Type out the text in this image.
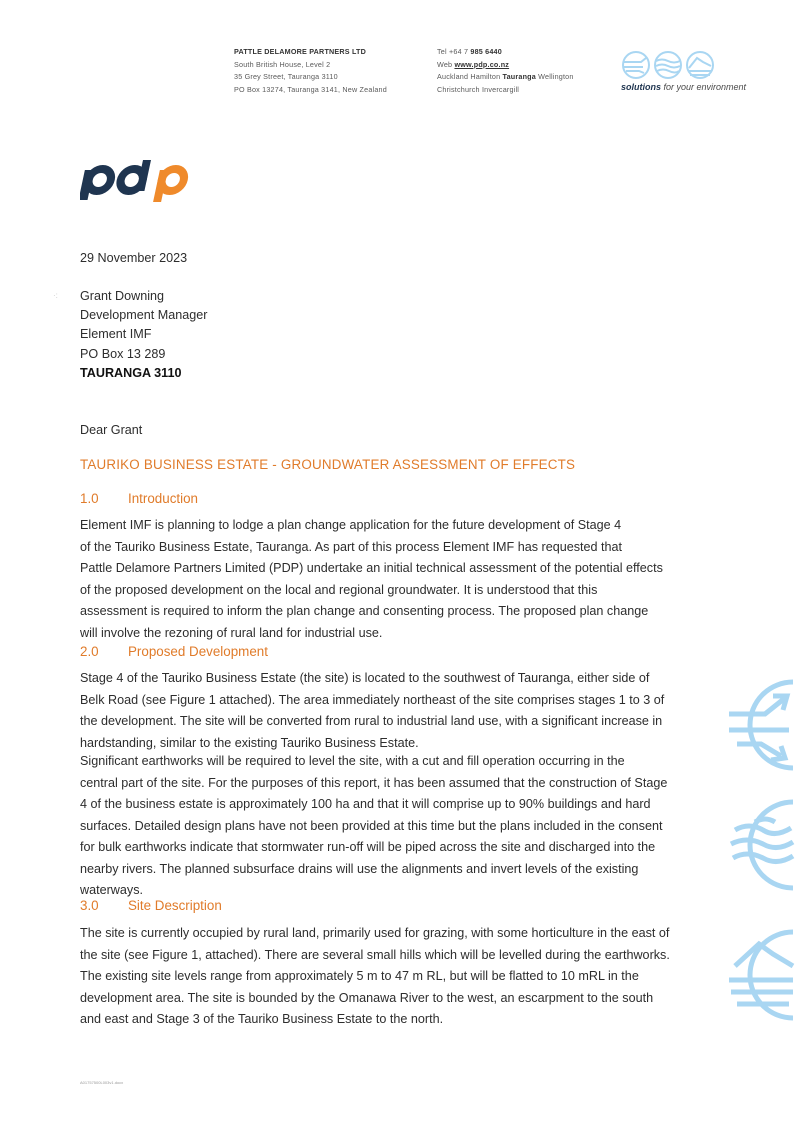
PATTLE DELAMORE PARTNERS LTD
South British House, Level 2
35 Grey Street, Tauranga 3110
PO Box 13274, Tauranga 3141, New Zealand
Tel +64 7 985 6440
Web www.pdp.co.nz
Auckland Hamilton Tauranga Wellington
Christchurch Invercargill	solutions for your environment
29 November 2023
·: Grant Downing
Development Manager
Element IMF
PO Box 13 289
TAURANGA 3110
Dear Grant
TAURIKO BUSINESS ESTATE - GROUNDWATER ASSESSMENT OF EFFECTS
1.0 Introduction
Element IMF is planning to lodge a plan change application for the future development of Stage 4
of the Tauriko Business Estate, Tauranga. As part of this process Element IMF has requested that
Pattle Delamore Partners Limited (PDP) undertake an initial technical assessment of the potential effects
of the proposed development on the local and regional groundwater. It is understood that this
assessment is required to inform the plan change and consenting process. The proposed plan change
will involve the rezoning of rural land for industrial use.
2.0 Proposed Development
Stage 4 of the Tauriko Business Estate (the site) is located to the southwest of Tauranga, either side of
Belk Road (see Figure 1 attached). The area immediately northeast of the site comprises stages 1 to 3 of
the development. The site will be converted from rural to industrial land use, with a significant increase in
hardstanding, similar to the existing Tauriko Business Estate.
Significant earthworks will be required to level the site, with a cut and fill operation occurring in the
central part of the site. For the purposes of this report, it has been assumed that the construction of Stage
4 of the business estate is approximately 100 ha and that it will comprise up to 90% buildings and hard
surfaces. Detailed design plans have not been provided at this time but the plans included in the consent
for bulk earthworks indicate that stormwater run-off will be piped across the site and discharged into the
nearby rivers. The planned subsurface drains will use the alignments and invert levels of the existing
waterways.
3.0 Site Description
The site is currently occupied by rural land, primarily used for grazing, with some horticulture in the east of
the site (see Figure 1, attached). There are several small hills which will be levelled during the earthworks.
The existing site levels range from approximately 5 m to 47 m RL, but will be flatted to 10 mRL in the
development area. The site is bounded by the Omanawa River to the west, an escarpment to the south
and east and Stage 3 of the Tauriko Business Estate to the north.
A01757500L003v1.docx
